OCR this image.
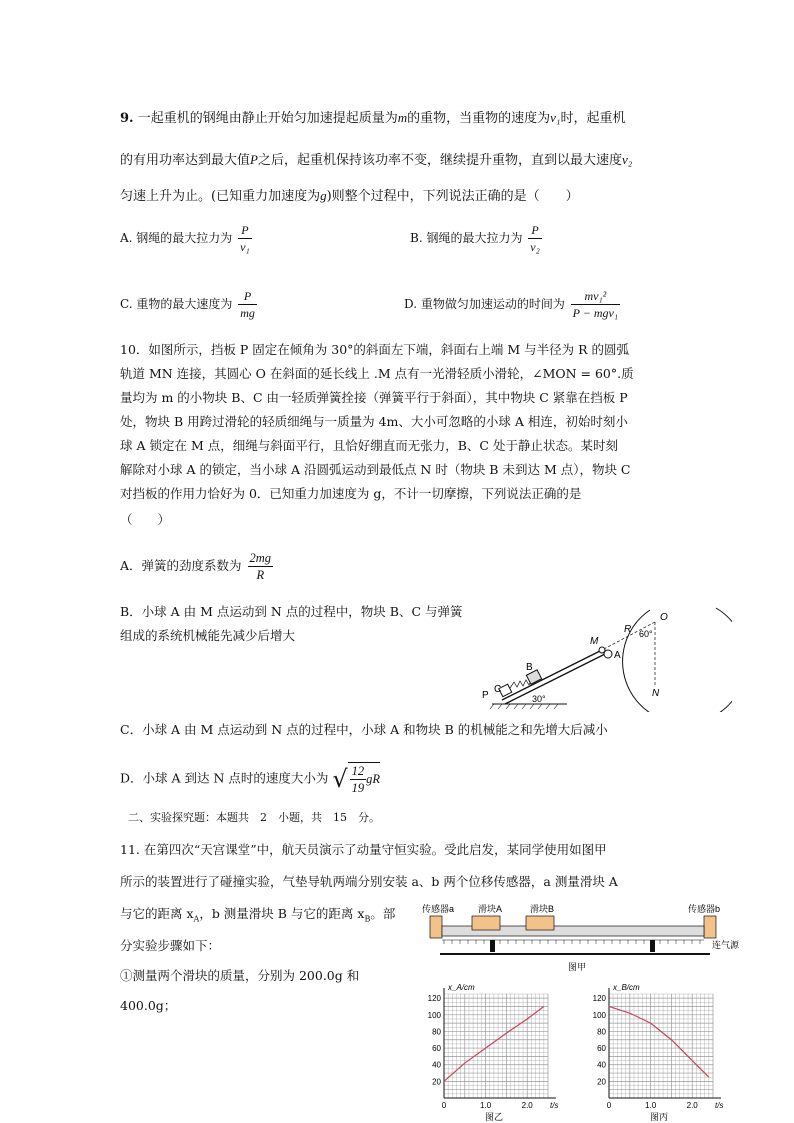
9. 一起重机的钢绳由静止开始匀加速提起质量为m的重物，当重物的速度为v₁时，起重机
的有用功率达到最大值P之后，起重机保持该功率不变，继续提升重物，直到以最大速度v₂
匀速上升为止。(已知重力加速度为g)则整个过程中，下列说法正确的是（　　）
A. 钢绳的最大拉力为 $\frac{P}{\text{v₁}}$	B. 钢绳的最大拉力为 $\frac{P}{\text{v₂}}$
C. 重物的最大速度为 $\frac{P}{mg}$	D. 重物做匀加速运动的时间为 $\frac{\text{mv₁²}}{\text{P − mgv₁}}$
10．如图所示，挡板 P 固定在倾角为 30°的斜面左下端，斜面右上端 M 与半径为 R 的圆弧
轨道 MN 连接，其圆心 O 在斜面的延长线上 .M 点有一光滑轻质小滑轮，∠MON = 60°.质
量均为 m 的小物块 B、C 由一轻质弹簧拴接（弹簧平行于斜面），其中物块 C 紧靠在挡板 P
处，物块 B 用跨过滑轮的轻质细绳与一质量为 4m、大小可忽略的小球 A 相连，初始时刻小
球 A 锁定在 M 点，细绳与斜面平行，且恰好绷直而无张力，B、C 处于静止状态。某时刻
解除对小球 A 的锁定，当小球 A 沿圆弧运动到最低点 N 时（物块 B 未到达 M 点），物块 C
对挡板的作用力恰好为 0．已知重力加速度为 g，不计一切摩擦，下列说法正确的是
（　　）
A．弹簧的劲度系数为 $\frac{2mg}{R}$
B．小球 A 由 M 点运动到 N 点的过程中，物块 B、C 与弹簧
组成的系统机械能先减少后增大
O
R 60°
30°
C
P
B
M
A
N
C．小球 A 由 M 点运动到 N 点的过程中，小球 A 和物块 B 的机械能之和先增大后减小
D．小球 A 到达 N 点时的速度大小为 √ $\frac{12}{19}$ gR
二、实验探究题：本题共　2　小题，共　15　分。
11. 在第四次“天宫课堂”中，航天员演示了动量守恒实验。受此启发，某同学使用如图甲
所示的装置进行了碰撞实验，气垫导轨两端分别安装 a、b 两个位移传感器，a 测量滑块 A
与它的距离 $x_A$，b 测量滑块 B 与它的距离 $x_B$。部
分实验步骤如下：
①测量两个滑块的质量，分别为 200.0g 和
400.0g；
传感器a	滑块A	滑块B	传感器b
连气源
图甲
20
40
60
80
100
120
0	1.0	2.0
x_A/cm
t/s
图乙
20
40
60
80
100
120
0	1.0	2.0
x_B/cm
t/s
图丙
